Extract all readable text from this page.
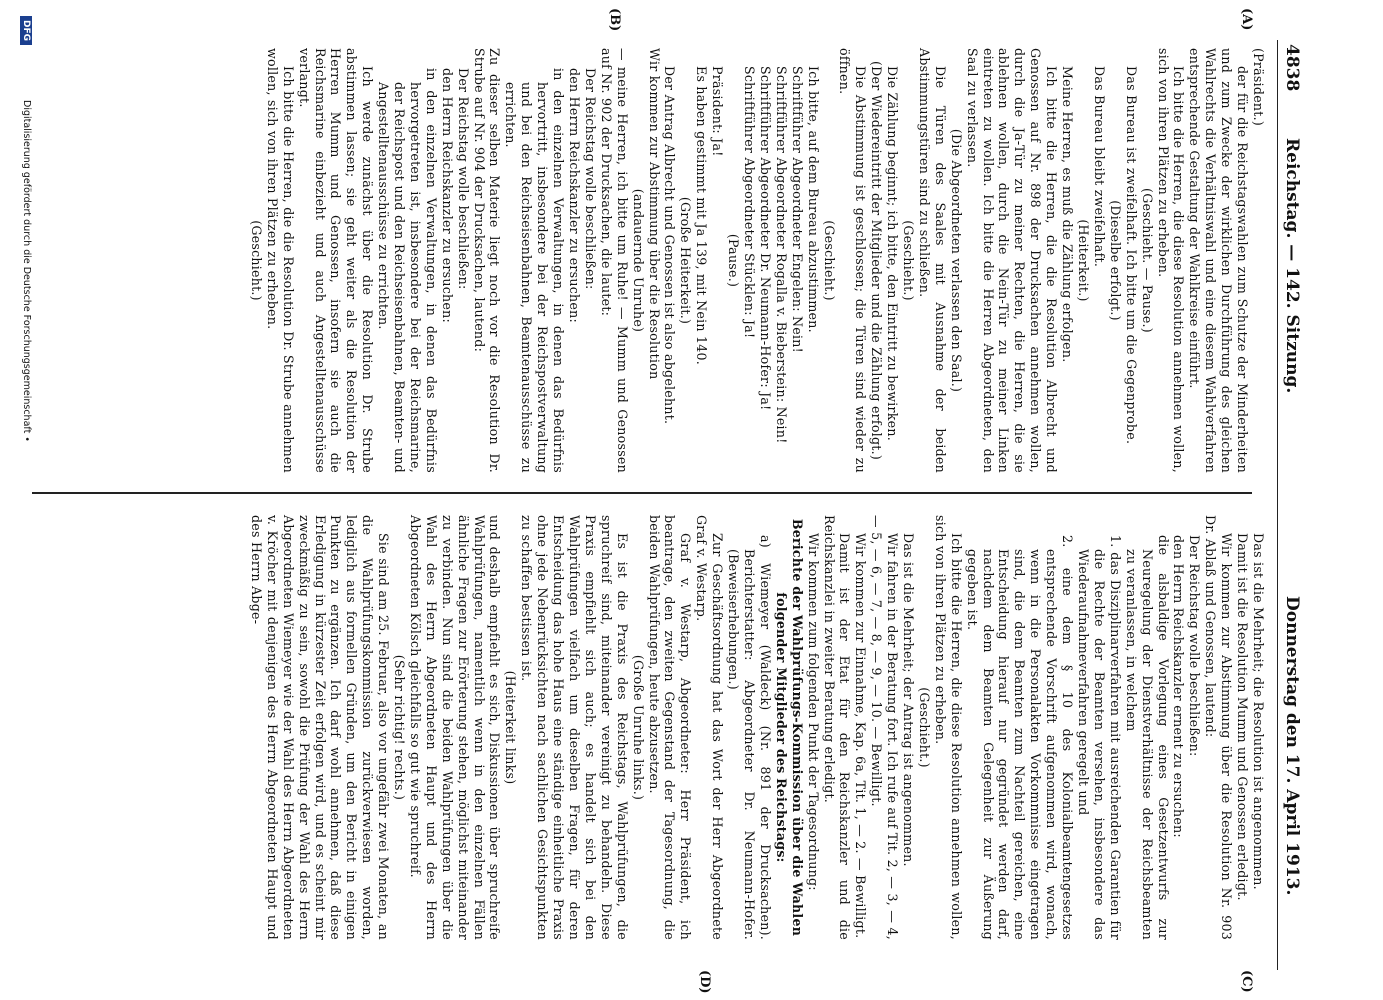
4838
Reichstag. — 142. Sitzung.
Donnerstag den 17. April 1913.
(A)
(B)
(C)
(D)

(Präsident.)

der für die Reichstagswahlen zum Schutze der Minderheiten und zum Zwecke der wirklichen Durchführung des gleichen Wahlrechts die Verhältniswahl und eine diesem Wahlverfahren entsprechende Gestaltung der Wahlkreise einführt.

Ich bitte die Herren, die diese Resolution annehmen wollen, sich von ihren Plätzen zu erheben.

(Geschieht. — Pause.)

Das Bureau ist zweifelhaft. Ich bitte um die Gegenprobe.

(Dieselbe erfolgt.)

Das Bureau bleibt zweifelhaft.

(Heiterkeit.)

Meine Herren, es muß die Zählung erfolgen.

Ich bitte die Herren, die die Resolution Albrecht und Genossen auf Nr. 898 der Drucksachen annehmen wollen, durch die Ja-Tür zu meiner Rechten, die Herren, die sie ablehnen wollen, durch die Nein-Tür zu meiner Linken eintreten zu wollen. Ich bitte die Herren Abgeordneten, den Saal zu verlassen.

(Die Abgeordneten verlassen den Saal.)

Die Türen des Saales mit Ausnahme der beiden Abstimmungstüren sind zu schließen.

(Geschieht.)

Die Zählung beginnt; ich bitte, den Eintritt zu bewirken.

(Der Wiedereintritt der Mitglieder und die Zählung erfolgt.)

Die Abstimmung ist geschlossen; die Türen sind wieder zu öffnen.

(Geschieht.)

Ich bitte, auf dem Bureau abzustimmen.

Schriftführer Abgeordneter Engelen: Nein!

Schriftführer Abgeordneter Rogalla v. Bieberstein: Nein!

Schriftführer Abgeordneter Dr. Neumann-Hofer: Ja!

Schriftführer Abgeordneter Stücklen: Ja!

(Pause.)

Präsident: Ja!

Es haben gestimmt mit Ja 139, mit Nein 140.

(Große Heiterkeit.)

Der Antrag Albrecht und Genossen ist also abgelehnt.

Wir kommen zur Abstimmung über die Resolution

(andauernde Unruhe)

— meine Herren, ich bitte um Ruhe! — Mumm und Genossen auf Nr. 902 der Drucksachen, die lautet:

Der Reichstag wolle beschließen:

den Herrn Reichskanzler zu ersuchen:

in den einzelnen Verwaltungen, in denen das Bedürfnis hervortritt, insbesondere bei der Reichspostverwaltung und bei den Reichseisenbahnen, Beamtenausschüsse zu errichten.

Zu dieser selben Materie liegt noch vor die Resolution Dr. Strube auf Nr. 904 der Drucksachen, lautend:

Der Reichstag wolle beschließen:

den Herrn Reichskanzler zu ersuchen:

in den einzelnen Verwaltungen, in denen das Bedürfnis hervorgetreten ist, insbesondere bei der Reichsmarine, der Reichspost und den Reichseisenbahnen, Beamten- und Angestelltenausschüsse zu errichten.

Ich werde zunächst über die Resolution Dr. Strube abstimmen lassen; sie geht weiter als die Resolution der Herren Mumm und Genossen, insofern sie auch die Reichsmarine einbezieht und auch Angestelltenausschüsse verlangt.

Ich bitte die Herren, die die Resolution Dr. Strube annehmen wollen, sich von ihren Plätzen zu erheben.

(Geschieht.)

Das ist die Mehrheit; die Resolution ist angenommen.

Damit ist die Resolution Mumm und Genossen erledigt.

Wir kommen zur Abstimmung über die Resolution Nr. 903 Dr. Ablaß und Genossen, lautend:

Der Reichstag wolle beschließen:

den Herrn Reichskanzler ernent zu ersuchen:

die alsbaldige Vorlegung eines Gesetzentwurfs zur Neuregelung der Dienstverhältnisse der Reichsbeamten zu veranlassen, in welchem

1. das Disziplinarverfahren mit ausreichenden Garantien für die Rechte der Beamten versehen, insbesondere das Wiederaufnahmeverfahren geregelt und

2. eine dem § 10 des Kolonialbeamtengesetzes entsprechende Vorschrift aufgenommen wird, wonach, wenn in die Personalakten Vorkommnisse eingetragen sind, die dem Beamten zum Nachteil gereichen, eine Entscheidung hierauf nur gegründet werden darf, nachdem dem Beamten Gelegenheit zur Äußerung gegeben ist.

Ich bitte die Herren, die diese Resolution annehmen wollen, sich von ihren Plätzen zu erheben.

(Geschieht.)

Das ist die Mehrheit; der Antrag ist angenommen.

Wir fahren in der Beratung fort. Ich rufe auf Tit. 2, — 3, — 4, — 5, — 6, — 7, — 8, — 9, — 10. — Bewilligt.

Wir kommen zur Einnahme, Kap. 6a, Tit. 1, — 2. — Bewilligt.

Damit ist der Etat für den Reichskanzler und die Reichskanzlei in zweiter Beratung erledigt.

Wir kommen zum folgenden Punkt der Tagesordnung:

Berichte der Wahlprüfungs-Kommission über die Wahlen folgender Mitglieder des Reichstags:

a) Wiemeyer (Waldeck) (Nr. 891 der Drucksachen). Berichterstatter: Abgeordneter Dr. Neumann-Hofer. (Beweiserhebungen.)

Zur Geschäftsordnung hat das Wort der Herr Abgeordnete Graf v. Westarp.

Graf v. Westarp, Abgeordneter: Herr Präsident, ich beantrage, den zweiten Gegenstand der Tagesordnung, die beiden Wahlprüfungen, heute abzusetzen.

(Große Unruhe links.)

Es ist die Praxis des Reichstags, Wahlprüfungen, die spruchreif sind, miteinander vereinigt zu behandeln. Diese Praxis empfiehlt sich auch; es handelt sich bei den Wahlprüfungen vielfach um dieselben Fragen, für deren Entscheidung das hohe Haus eine ständige einheitliche Praxis ohne jede Nebenrücksichten nach sachlichen Gesichtspunkten zu schaffen bestissen ist.

(Heiterkeit links)

und deshalb empfiehlt es sich, Diskussionen über spruchreife Wahlprüfungen, namentlich wenn in den einzelnen Fällen ähnliche Fragen zur Erörterung stehen, möglichst miteinander zu verbinden. Nun sind die beiden Wahlprüfungen über die Wahl des Herrn Abgeordneten Haupt und des Herrn Abgeordneten Kölsch gleichfalls so gut wie spruchreif.

(Sehr richtig! rechts.)

Sie sind am 25. Februar, also vor ungefähr zwei Monaten, an die Wahlprüfungskommission zurückverwiesen worden, lediglich aus formellen Gründen, um den Bericht in einigen Punkten zu ergänzen. Ich darf wohl annehmen, daß diese Erledigung in kürzester Zeit erfolgen wird, und es scheint mir zweckmäßig zu sein, sowohl die Prüfung der Wahl des Herrn Abgeordneten Wiemeyer wie der Wahl des Herrn Abgeordneten v. Kröcher mit denjenigen des Herrn Abgeordneten Haupt und des Herrn Abge-

DFG
Digitalisierung gefördert durch die Deutsche Forschungsgemeinschaft •
